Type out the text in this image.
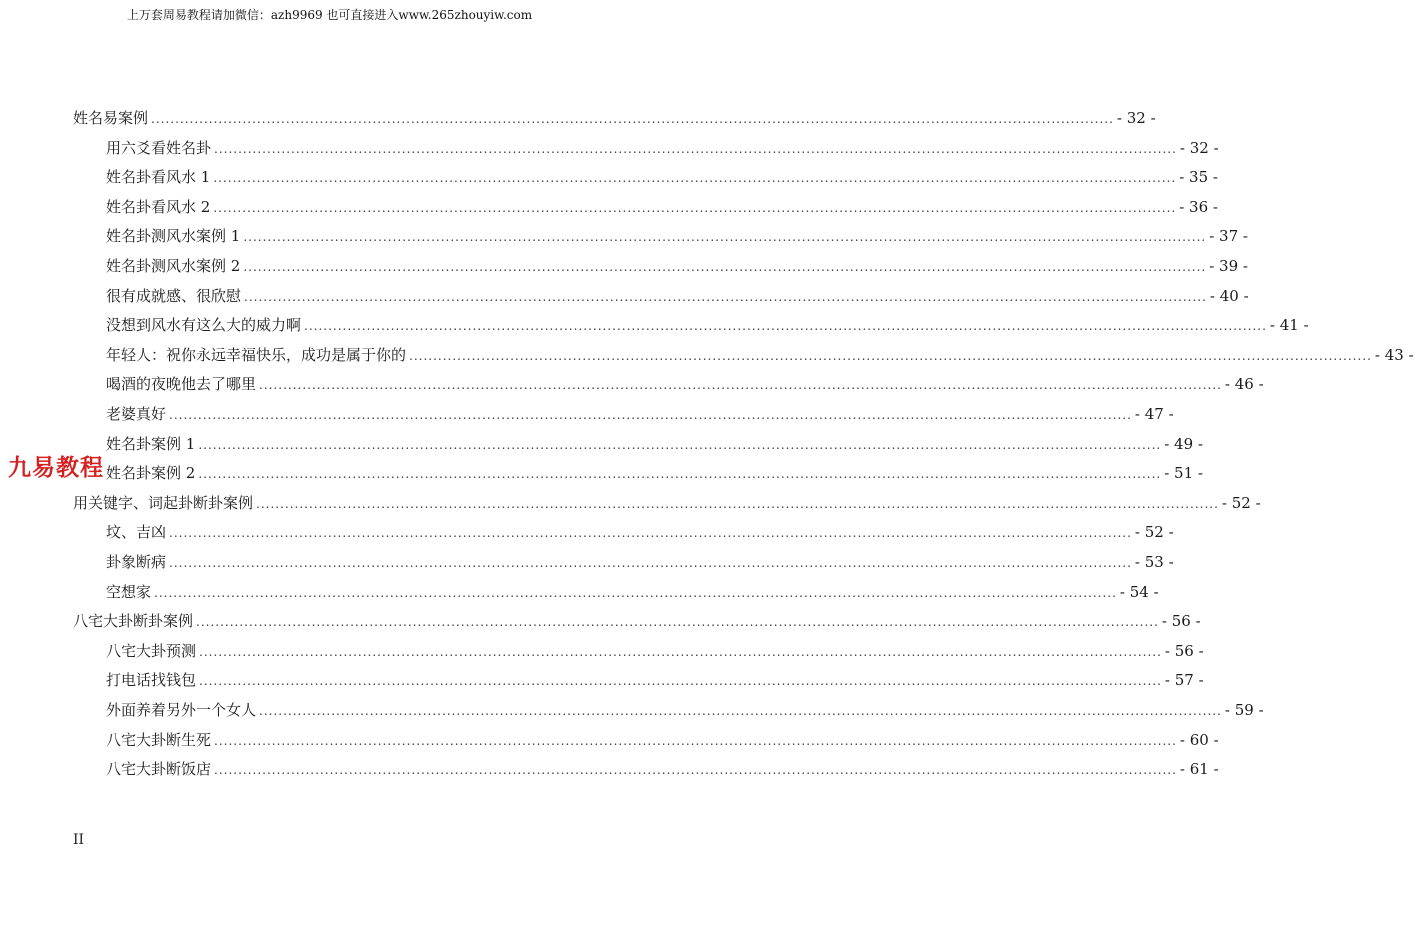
上万套周易教程请加微信：azh9969 也可直接进入www.265zhouyiw.com
姓名易案例 ........................................................................................................................................................................................................ - 32 -
用六爻看姓名卦 ........................................................................................................................................................................................................ - 32 -
姓名卦看风水 1 ........................................................................................................................................................................................................ - 35 -
姓名卦看风水 2 ........................................................................................................................................................................................................ - 36 -
姓名卦测风水案例 1 ........................................................................................................................................................................................................ - 37 -
姓名卦测风水案例 2 ........................................................................................................................................................................................................ - 39 -
很有成就感、很欣慰 ........................................................................................................................................................................................................ - 40 -
没想到风水有这么大的威力啊 ........................................................................................................................................................................................................ - 41 -
年轻人：祝你永远幸福快乐，成功是属于你的 ........................................................................................................................................................................................................ - 43 -
喝酒的夜晚他去了哪里 ........................................................................................................................................................................................................ - 46 -
老婆真好 ........................................................................................................................................................................................................ - 47 -
姓名卦案例 1 ........................................................................................................................................................................................................ - 49 -
姓名卦案例 2 ........................................................................................................................................................................................................ - 51 -
用关键字、词起卦断卦案例 ........................................................................................................................................................................................................ - 52 -
坟、吉凶 ........................................................................................................................................................................................................ - 52 -
卦象断病 ........................................................................................................................................................................................................ - 53 -
空想家 ........................................................................................................................................................................................................ - 54 -
八宅大卦断卦案例 ........................................................................................................................................................................................................ - 56 -
八宅大卦预测 ........................................................................................................................................................................................................ - 56 -
打电话找钱包 ........................................................................................................................................................................................................ - 57 -
外面养着另外一个女人 ........................................................................................................................................................................................................ - 59 -
八宅大卦断生死 ........................................................................................................................................................................................................ - 60 -
八宅大卦断饭店 ........................................................................................................................................................................................................ - 61 -
九易教程
II
